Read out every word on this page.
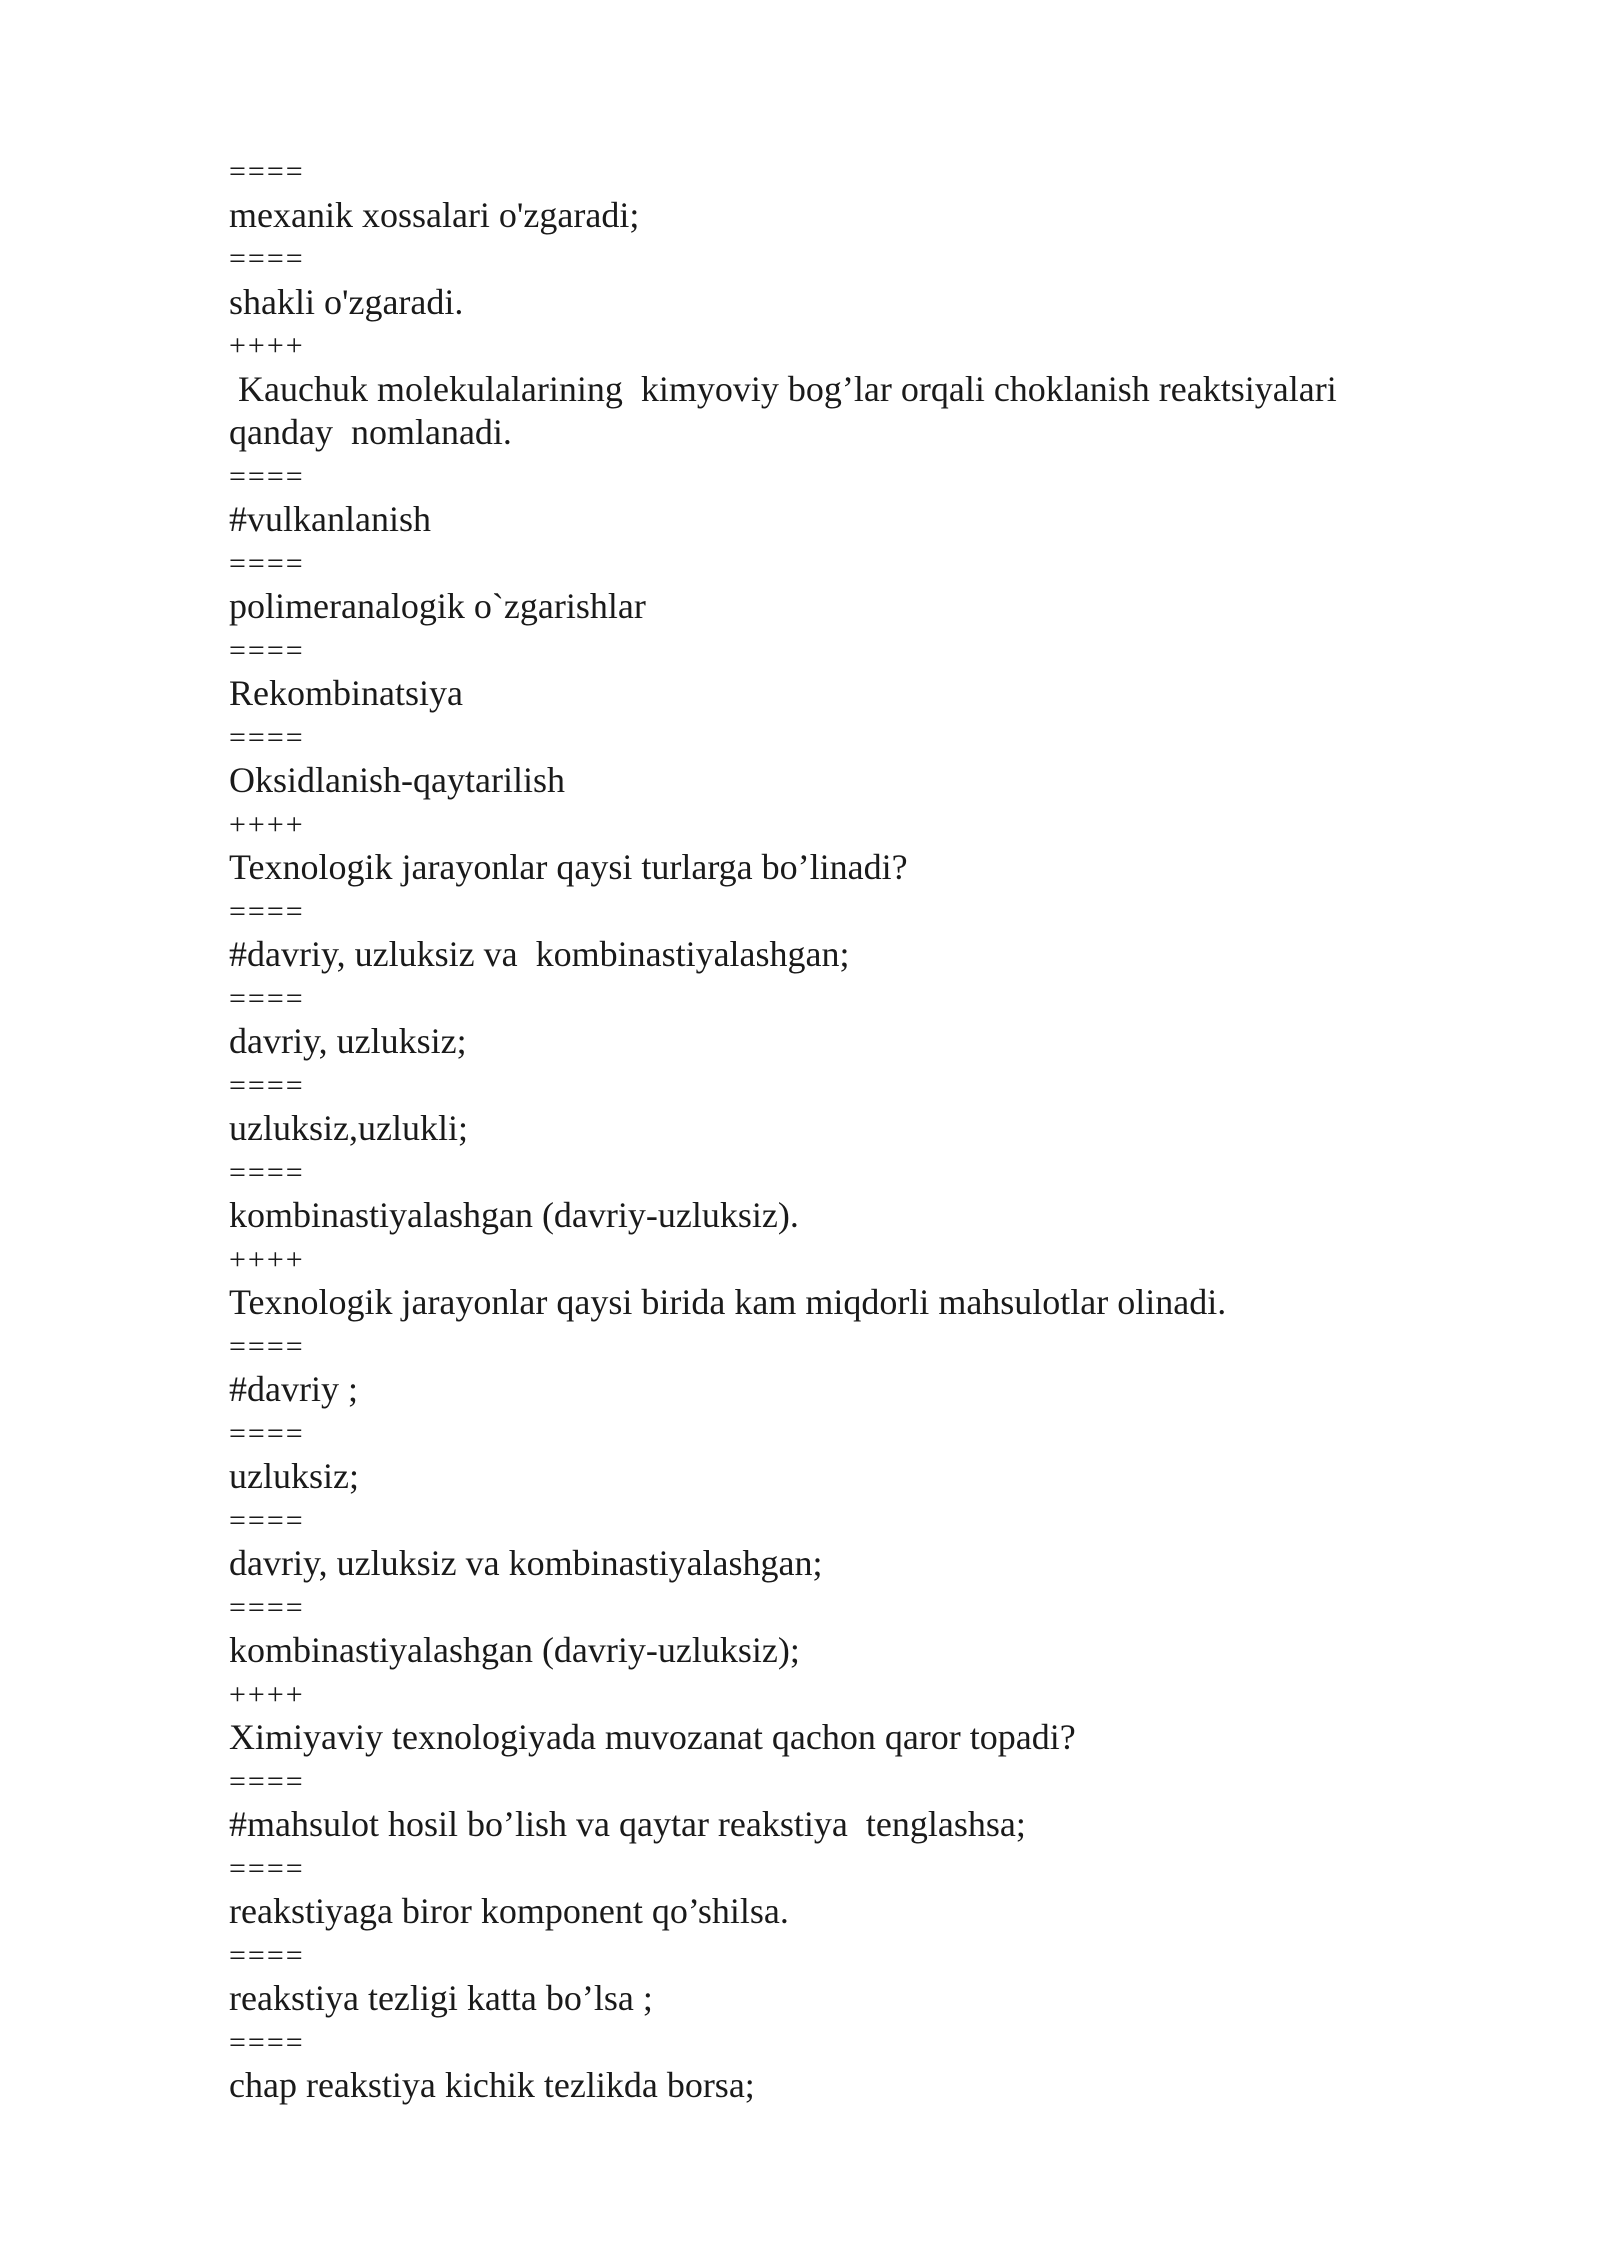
====
mexanik xossalari o'zgaradi;
====
shakli o'zgaradi.
++++
Kauchuk molekulalarining  kimyoviy bog’lar orqali choklanish reaktsiyalari
qanday  nomlanadi.
====
#vulkanlanish
====
polimeranalogik o`zgarishlar
====
Rekombinatsiya
====
Oksidlanish-qaytarilish
++++
Texnologik jarayonlar qaysi turlarga bo’linadi?
====
#davriy, uzluksiz va  kombinastiyalashgan;
====
davriy, uzluksiz;
====
uzluksiz,uzlukli;
====
kombinastiyalashgan (davriy-uzluksiz).
++++
Texnologik jarayonlar qaysi birida kam miqdorli mahsulotlar olinadi.
====
#davriy ;
====
uzluksiz;
====
davriy, uzluksiz va kombinastiyalashgan;
====
kombinastiyalashgan (davriy-uzluksiz);
++++
Ximiyaviy texnologiyada muvozanat qachon qaror topadi?
====
#mahsulot hosil bo’lish va qaytar reakstiya  tenglashsa;
====
reakstiyaga biror komponent qo’shilsa.
====
reakstiya tezligi katta bo’lsa ;
====
chap reakstiya kichik tezlikda borsa;
